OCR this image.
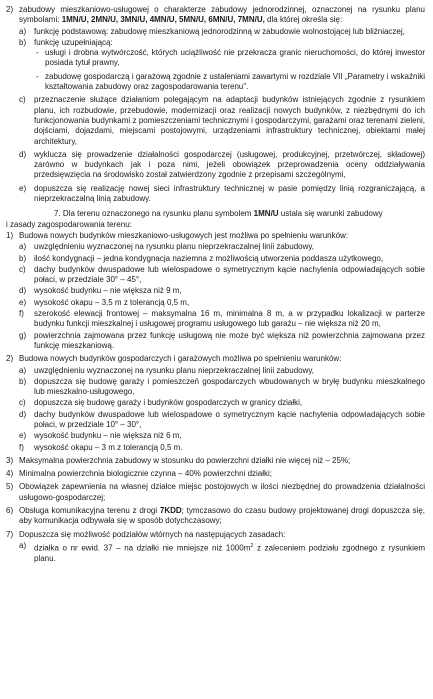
2) zabudowy mieszkaniowo-usługowej o charakterze zabudowy jednorodzinnej, oznaczonej na rysunku planu symbolami: 1MN/U, 2MN/U, 3MN/U, 4MN/U, 5MN/U, 6MN/U, 7MN/U, dla której określa się:
a) funkcję podstawową: zabudowę mieszkaniową jednorodzinną w zabudowie wolnostojącej lub bliźniaczej,
b) funkcję uzupełniającą:
- usługi i drobna wytwórczość, których uciążliwość nie przekracza granic nieruchomości, do której inwestor posiada tytuł prawny,
- zabudowę gospodarczą i garażową zgodnie z ustaleniami zawartymi w rozdziale VII „Parametry i wskaźniki kształtowania zabudowy oraz zagospodarowania terenu".
c)	przeznaczenie służące działaniom polegającym na adaptacji budynków istniejących zgodnie z rysunkiem planu, ich rozbudowie, przebudowie, modernizacji oraz realizacji nowych budynków, z niezbędnymi do ich funkcjonowania budynkami z pomieszczeniami technicznymi i gospodarczymi, garażami oraz terenami zieleni, dojściami, dojazdami, miejscami postojowymi, urządzeniami infrastruktury technicznej, obiektami małej architektury,
d) wyklucza się prowadzenie działalności gospodarczej (usługowej, produkcyjnej, przetwórczej, składowej) zarówno w budynkach jak i poza nimi, jeżeli obowiązek przeprowadzenia oceny oddziaływania przedsięwzięcia na środowisko został zatwierdzony zgodnie z przepisami szczególnymi,
e) dopuszcza się realizację nowej sieci infrastruktury technicznej w pasie pomiędzy linią rozgraniczającą, a nieprzekraczalną linią zabudowy.
7. Dla terenu oznaczonego na rysunku planu symbolem 1MN/U ustala się warunki zabudowy
i zasady zagospodarowania terenu:
1) Budowa nowych budynków mieszkaniowo-usługowych jest możliwa po spełnieniu warunków:
a) uwzględnieniu wyznaczonej na rysunku planu nieprzekraczalnej linii zabudowy,
b) ilość kondygnacji – jedna kondygnacja naziemna z możliwością utworzenia poddasza użytkowego,
c)	dachy budynków dwuspadowe lub wielospadowe o symetrycznym kącie nachylenia odpowiadających sobie połaci, w przedziale 30° – 45°,
d) wysokość budynku – nie większa niż 9 m,
e) wysokość okapu – 3,5 m z tolerancją 0,5 m,
f)	szerokość elewacji frontowej – maksymalna 16 m, minimalna 8 m, a w przypadku lokalizacji w parterze budynku funkcji mieszkalnej i usługowej programu usługowego lub garażu – nie większa niż 20 m,
g) powierzchnia zajmowana przez funkcję usługową nie może być większa niż powierzchnia zajmowana przez funkcję mieszkaniową.
2) Budowa nowych budynków gospodarczych i garażowych możliwa po spełnieniu warunków:
a) uwzględnieniu wyznaczonej na rysunku planu nieprzekraczalnej linii zabudowy,
b) dopuszcza się budowę garaży i pomieszczeń gospodarczych wbudowanych w bryłę budynku mieszkalnego lub mieszkalno-usługowego,
c)	dopuszcza się budowę garaży i budynków gospodarczych w granicy działki,
d) dachy budynków dwuspadowe lub wielospadowe o symetrycznym kącie nachylenia odpowiadających sobie połaci, w przedziale 10° – 30°,
e) wysokość budynku – nie większa niż 6 m,
f)	wysokość okapu – 3 m z tolerancją 0,5 m.
3) Maksymalna powierzchnia zabudowy w stosunku do powierzchni działki nie więcej niż – 25%;
4) Minimalna powierzchnia biologicznie czynna – 40% powierzchni działki;
5) Obowiązek zapewnienia na własnej działce miejsc postojowych w ilości niezbędnej do prowadzenia działalności usługowo-gospodarczej;
6) Obsługa komunikacyjna terenu z drogi 7KDD; tymczasowo do czasu budowy projektowanej drogi dopuszcza się, aby komunikacja odbywała się w sposób dotychczasowy;
7) Dopuszcza się możliwość podziałów wtórnych na następujących zasadach:
a) działka o nr ewid. 37 – na działki nie mniejsze niż $1000m^2$ z zaleceniem podziału zgodnego z rysunkiem planu.
